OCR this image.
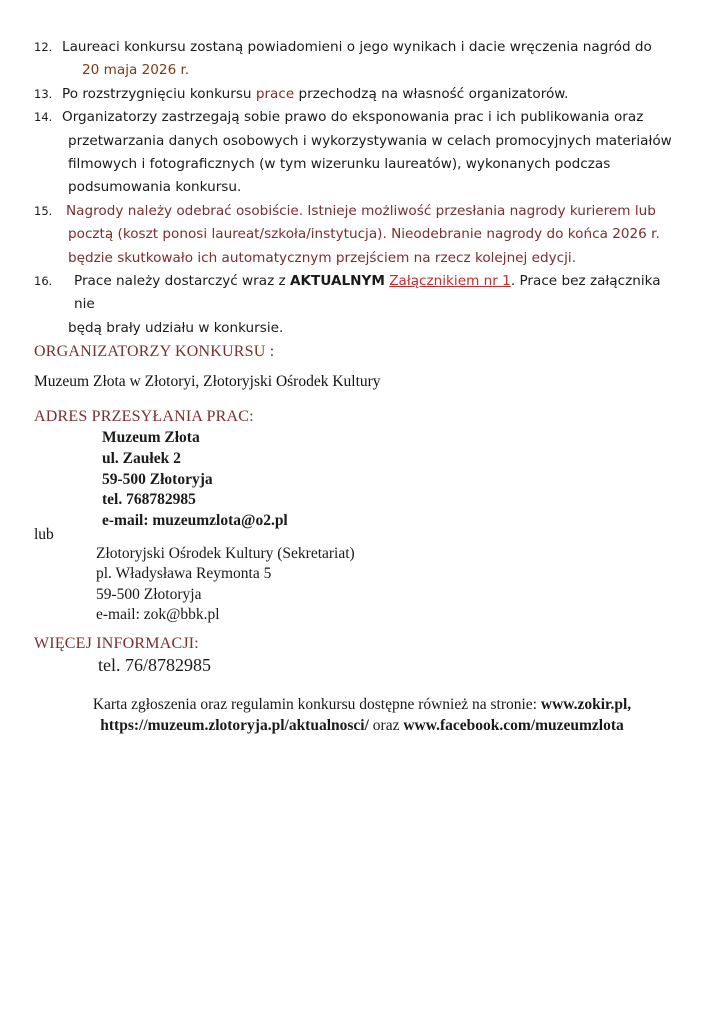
12. Laureaci konkursu zostaną powiadomieni o jego wynikach i dacie wręczenia nagród do
20 maja 2026 r.
13. Po rozstrzygnięciu konkursu prace przechodzą na własność organizatorów.
14. Organizatorzy zastrzegają sobie prawo do eksponowania prac i ich publikowania oraz
przetwarzania danych osobowych i wykorzystywania w celach promocyjnych materiałów
filmowych i fotograficznych (w tym wizerunku laureatów), wykonanych podczas
podsumowania konkursu.
15. Nagrody należy odebrać osobiście. Istnieje możliwość przesłania nagrody kurierem lub
pocztą (koszt ponosi laureat/szkoła/instytucja). Nieodebranie nagrody do końca 2026 r.
będzie skutkowało ich automatycznym przejściem na rzecz kolejnej edycji.
16. Prace należy dostarczyć wraz z AKTUALNYM Załącznikiem nr 1. Prace bez załącznika nie
będą brały udziału w konkursie.
ORGANIZATORZY KONKURSU :
Muzeum Złota w Złotoryi, Złotoryjski Ośrodek Kultury
ADRES PRZESYŁANIA PRAC:
Muzeum Złota
ul. Zaułek 2
59-500 Złotoryja
tel. 768782985
e-mail: muzeumzlota@o2.pl
lub
Złotoryjski Ośrodek Kultury (Sekretariat)
pl. Władysława Reymonta 5
59-500 Złotoryja
e-mail: zok@bbk.pl
WIĘCEJ INFORMACJI:
tel. 76/8782985
Karta zgłoszenia oraz regulamin konkursu dostępne również na stronie: www.zokir.pl,
https://muzeum.zlotoryja.pl/aktualnosci/ oraz www.facebook.com/muzeumzlota
